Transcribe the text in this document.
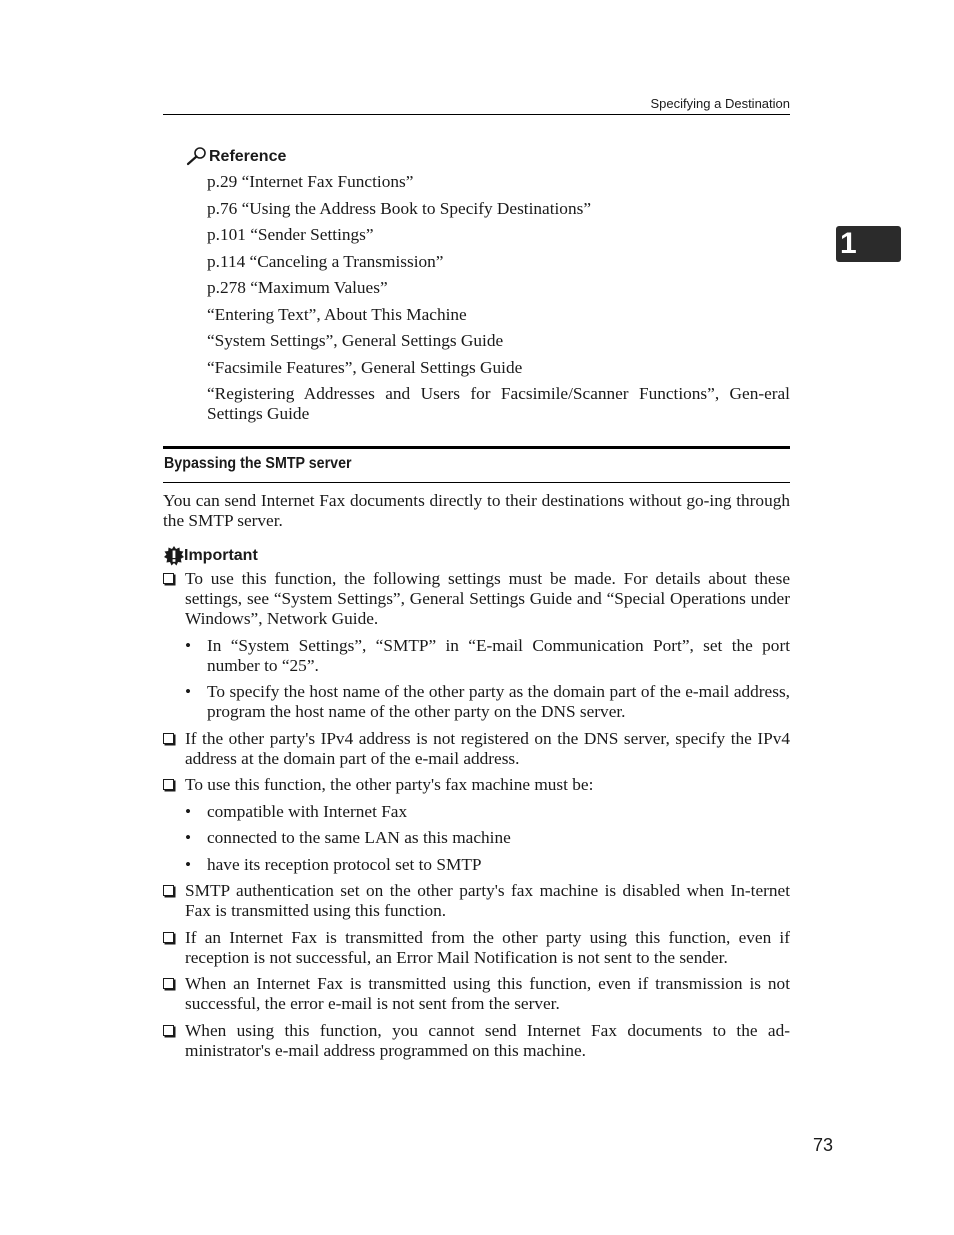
Specifying a Destination
1
Reference
p.29 “Internet Fax Functions”
p.76 “Using the Address Book to Specify Destinations”
p.101 “Sender Settings”
p.114 “Canceling a Transmission”
p.278 “Maximum Values”
“Entering Text”, About This Machine
“System Settings”, General Settings Guide
“Facsimile Features”, General Settings Guide
“Registering Addresses and Users for Facsimile/Scanner Functions”, Gen-eral Settings Guide
Bypassing the SMTP server
You can send Internet Fax documents directly to their destinations without go-ing through the SMTP server.
Important
To use this function, the following settings must be made. For details about these settings, see “System Settings”, General Settings Guide and “Special Operations under Windows”, Network Guide.
• In “System Settings”, “SMTP” in “E-mail Communication Port”, set the port number to “25”.
• To specify the host name of the other party as the domain part of the e-mail address, program the host name of the other party on the DNS server.
If the other party's IPv4 address is not registered on the DNS server, specify the IPv4 address at the domain part of the e-mail address.
To use this function, the other party's fax machine must be:
• compatible with Internet Fax
• connected to the same LAN as this machine
• have its reception protocol set to SMTP
SMTP authentication set on the other party's fax machine is disabled when In-ternet Fax is transmitted using this function.
If an Internet Fax is transmitted from the other party using this function, even if reception is not successful, an Error Mail Notification is not sent to the sender.
When an Internet Fax is transmitted using this function, even if transmission is not successful, the error e-mail is not sent from the server.
When using this function, you cannot send Internet Fax documents to the ad-ministrator's e-mail address programmed on this machine.
73
